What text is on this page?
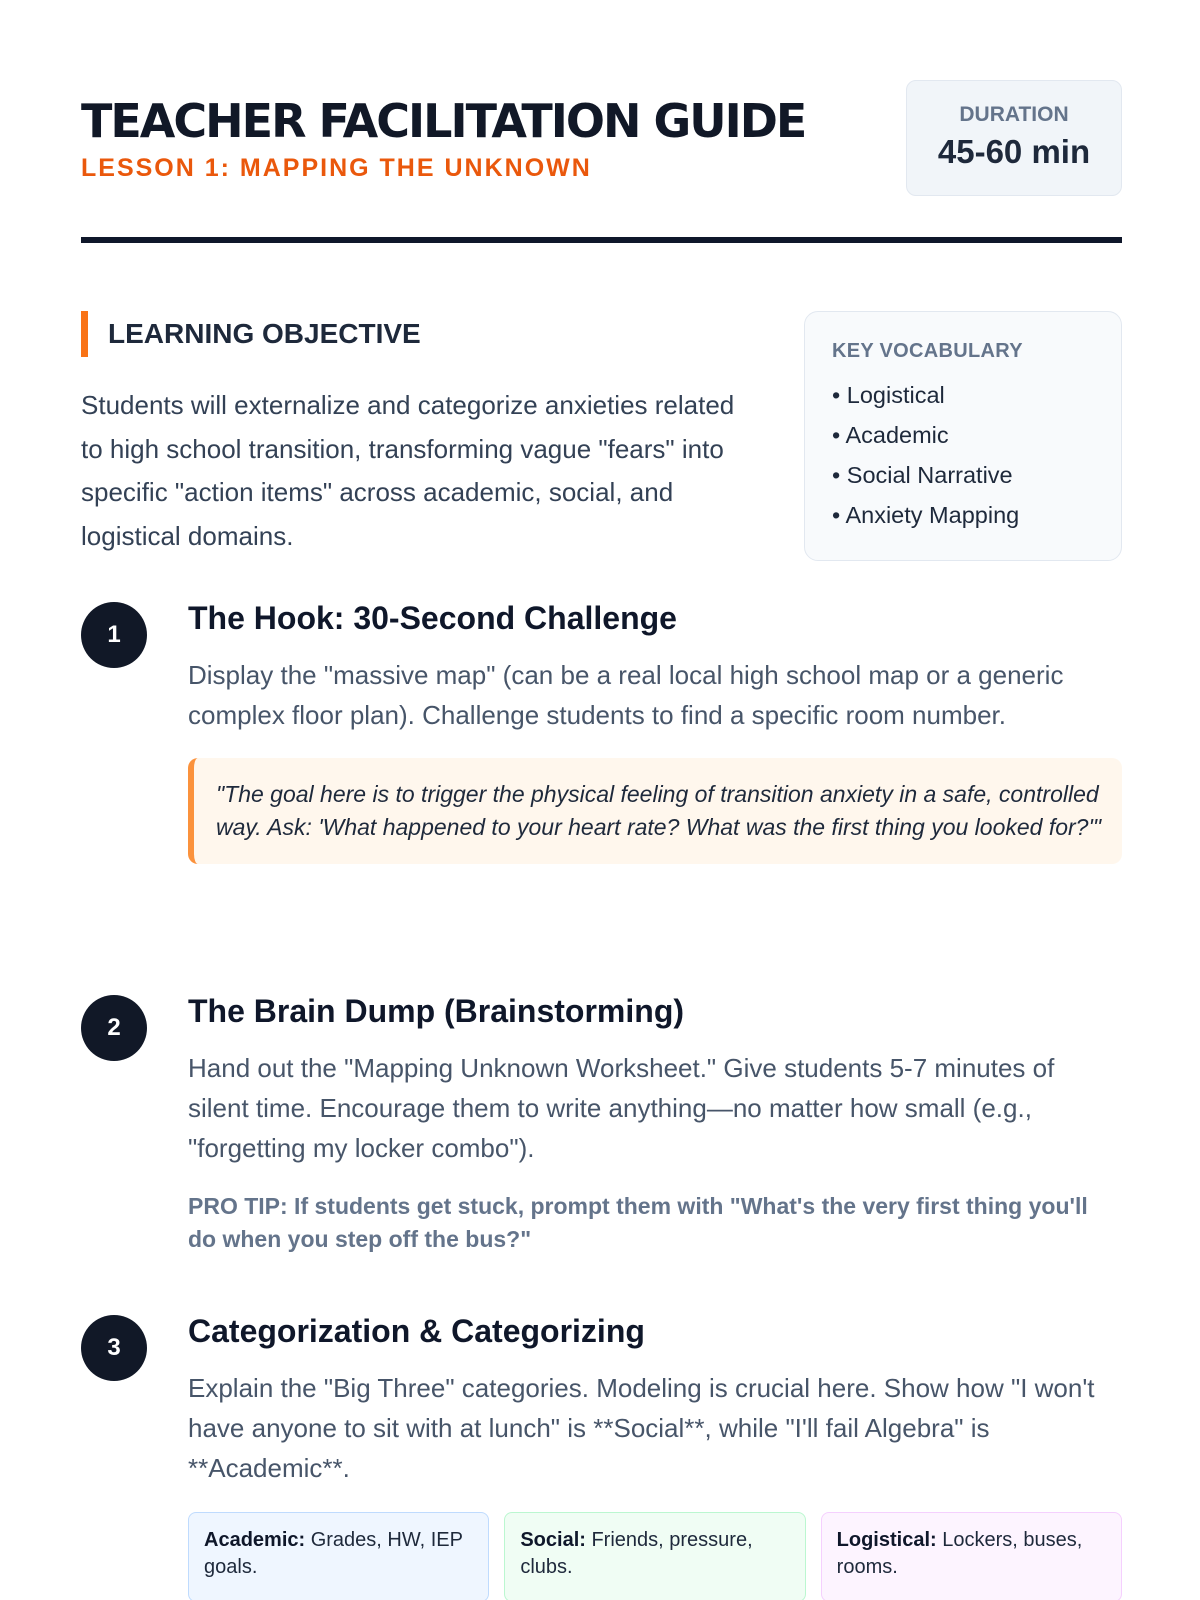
TEACHER FACILITATION GUIDE
LESSON 1: MAPPING THE UNKNOWN
DURATION
45-60 min
LEARNING OBJECTIVE

Students will externalize and categorize anxieties related to high school transition, transforming vague "fears" into specific "action items" across academic, social, and logistical domains.

KEY VOCABULARY
• Logistical
• Academic
• Social Narrative
• Anxiety Mapping
1	The Hook: 30-Second Challenge

Display the "massive map" (can be a real local high school map or a generic complex floor plan). Challenge students to find a specific room number.

"The goal here is to trigger the physical feeling of transition anxiety in a safe, controlled way. Ask: 'What happened to your heart rate? What was the first thing you looked for?'"
2	The Brain Dump (Brainstorming)

Hand out the "Mapping Unknown Worksheet." Give students 5-7 minutes of silent time. Encourage them to write anything—no matter how small (e.g., "forgetting my locker combo").

PRO TIP: If students get stuck, prompt them with "What's the very first thing you'll do when you step off the bus?"

3	Categorization & Categorizing

Explain the "Big Three" categories. Modeling is crucial here. Show how "I won't have anyone to sit with at lunch" is **Social**, while "I'll fail Algebra" is **Academic**.

Academic: Grades, HW, IEP goals.
Social: Friends, pressure, clubs.
Logistical: Lockers, buses, rooms.
